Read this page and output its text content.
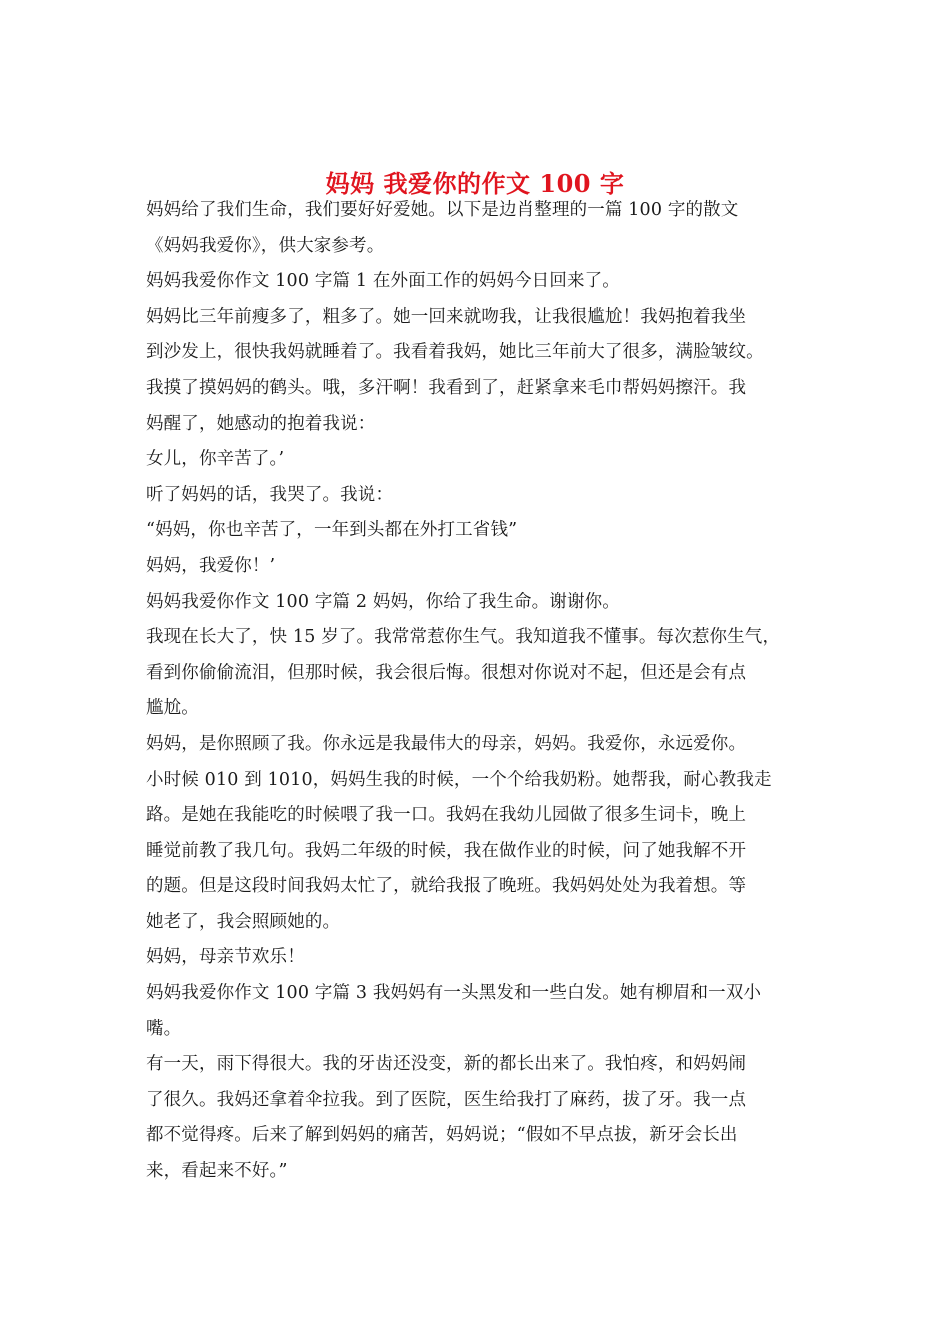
妈妈 我爱你的作文 100 字

妈妈给了我们生命，我们要好好爱她。以下是边肖整理的一篇 100 字的散文

《妈妈我爱你》，供大家参考。

妈妈我爱你作文 100 字篇 1 在外面工作的妈妈今日回来了。

妈妈比三年前瘦多了，粗多了。她一回来就吻我，让我很尴尬！我妈抱着我坐

到沙发上，很快我妈就睡着了。我看着我妈，她比三年前大了很多，满脸皱纹。

我摸了摸妈妈的鹤头。哦，多汗啊！我看到了，赶紧拿来毛巾帮妈妈擦汗。我

妈醒了，她感动的抱着我说：

女儿，你辛苦了。’

听了妈妈的话，我哭了。我说：

“妈妈，你也辛苦了，一年到头都在外打工省钱”

妈妈，我爱你！’

妈妈我爱你作文 100 字篇 2 妈妈，你给了我生命。谢谢你。

我现在长大了，快 15 岁了。我常常惹你生气。我知道我不懂事。每次惹你生气，

看到你偷偷流泪，但那时候，我会很后悔。很想对你说对不起，但还是会有点

尴尬。

妈妈，是你照顾了我。你永远是我最伟大的母亲，妈妈。我爱你，永远爱你。

小时候 010 到 1010，妈妈生我的时候，一个个给我奶粉。她帮我，耐心教我走

路。是她在我能吃的时候喂了我一口。我妈在我幼儿园做了很多生词卡，晚上

睡觉前教了我几句。我妈二年级的时候，我在做作业的时候，问了她我解不开

的题。但是这段时间我妈太忙了，就给我报了晚班。我妈妈处处为我着想。等

她老了，我会照顾她的。

妈妈，母亲节欢乐！

妈妈我爱你作文 100 字篇 3 我妈妈有一头黑发和一些白发。她有柳眉和一双小

嘴。

有一天，雨下得很大。我的牙齿还没变，新的都长出来了。我怕疼，和妈妈闹

了很久。我妈还拿着伞拉我。到了医院，医生给我打了麻药，拔了牙。我一点

都不觉得疼。后来了解到妈妈的痛苦，妈妈说；“假如不早点拔，新牙会长出

来，看起来不好。”
